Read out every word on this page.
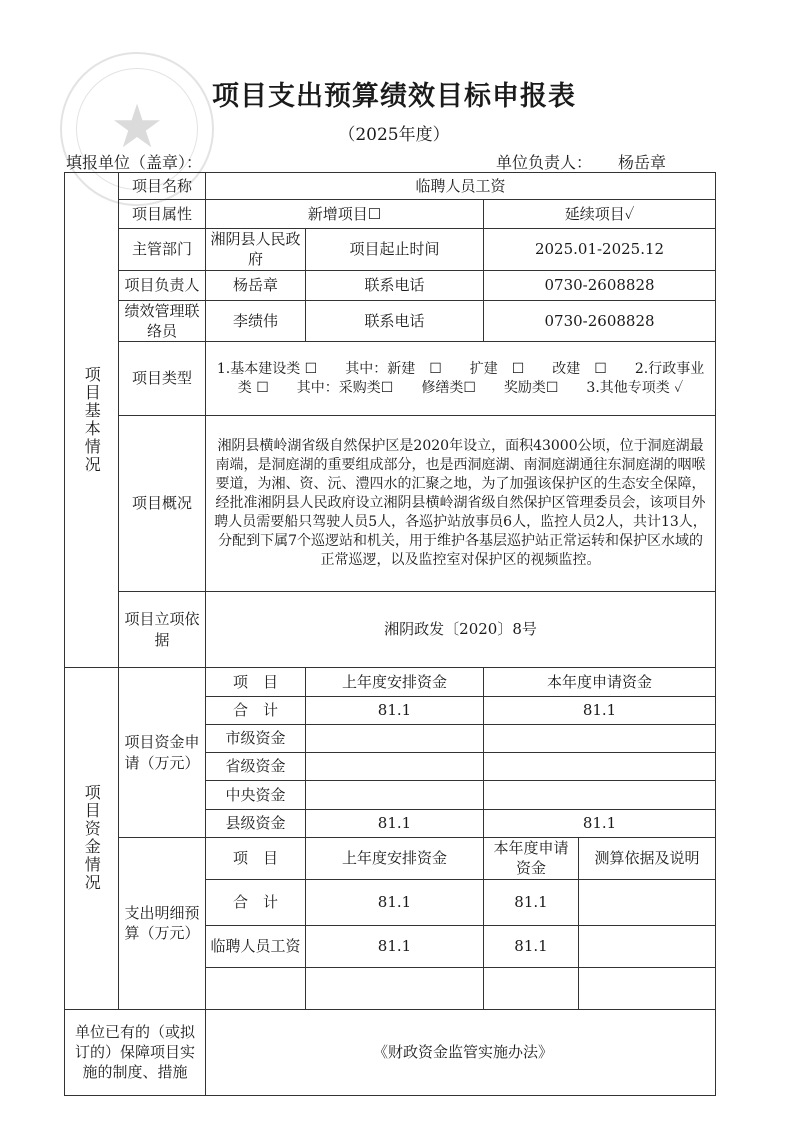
★	项目支出预算绩效目标申报表
（2025年度）
填报单位（盖章）：	单位负责人： 杨岳章
项目基本情况	项目名称	临聘人员工资			
	项目属性	新增项目☐		延续项目✓	
	主管部门	湘阴县人民政府	项目起止时间	2025.01-2025.12	
	项目负责人	杨岳章	联系电话	0730-2608828	
	绩效管理联络员	李绩伟	联系电话	0730-2608828	
	项目类型	1.基本建设类 ☐　　其中：新建　☐　　扩建　☐　　改建　☐　　2.行政事业类 ☐　　其中：采购类☐　　修缮类☐　　奖励类☐　　3.其他专项类 ✓			
	项目概况	湘阴县横岭湖省级自然保护区是2020年设立，面积43000公顷，位于洞庭湖最南端，是洞庭湖的重要组成部分，也是西洞庭湖、南洞庭湖通往东洞庭湖的咽喉要道，为湘、资、沅、澧四水的汇聚之地，为了加强该保护区的生态安全保障，经批准湘阴县人民政府设立湘阴县横岭湖省级自然保护区管理委员会，该项目外聘人员需要船只驾驶人员5人，各巡护站放事员6人，监控人员2人，共计13人，分配到下属7个巡逻站和机关，用于维护各基层巡护站正常运转和保护区水域的正常巡逻，以及监控室对保护区的视频监控。			
	项目立项依据	湘阴政发〔2020〕8号			

项目资金情况	项目资金申请（万元）	项　目	上年度安排资金	本年度申请资金	
		合　计	81.1	81.1	
		市级资金			
		省级资金			
		中央资金			
		县级资金	81.1	81.1	
	支出明细预算（万元）	项　目	上年度安排资金	本年度申请资金	测算依据及说明
		合　计	81.1	81.1	
		临聘人员工资	81.1	81.1	

单位已有的（或拟订的）保障项目实施的制度、措施		《财政资金监管实施办法》			
